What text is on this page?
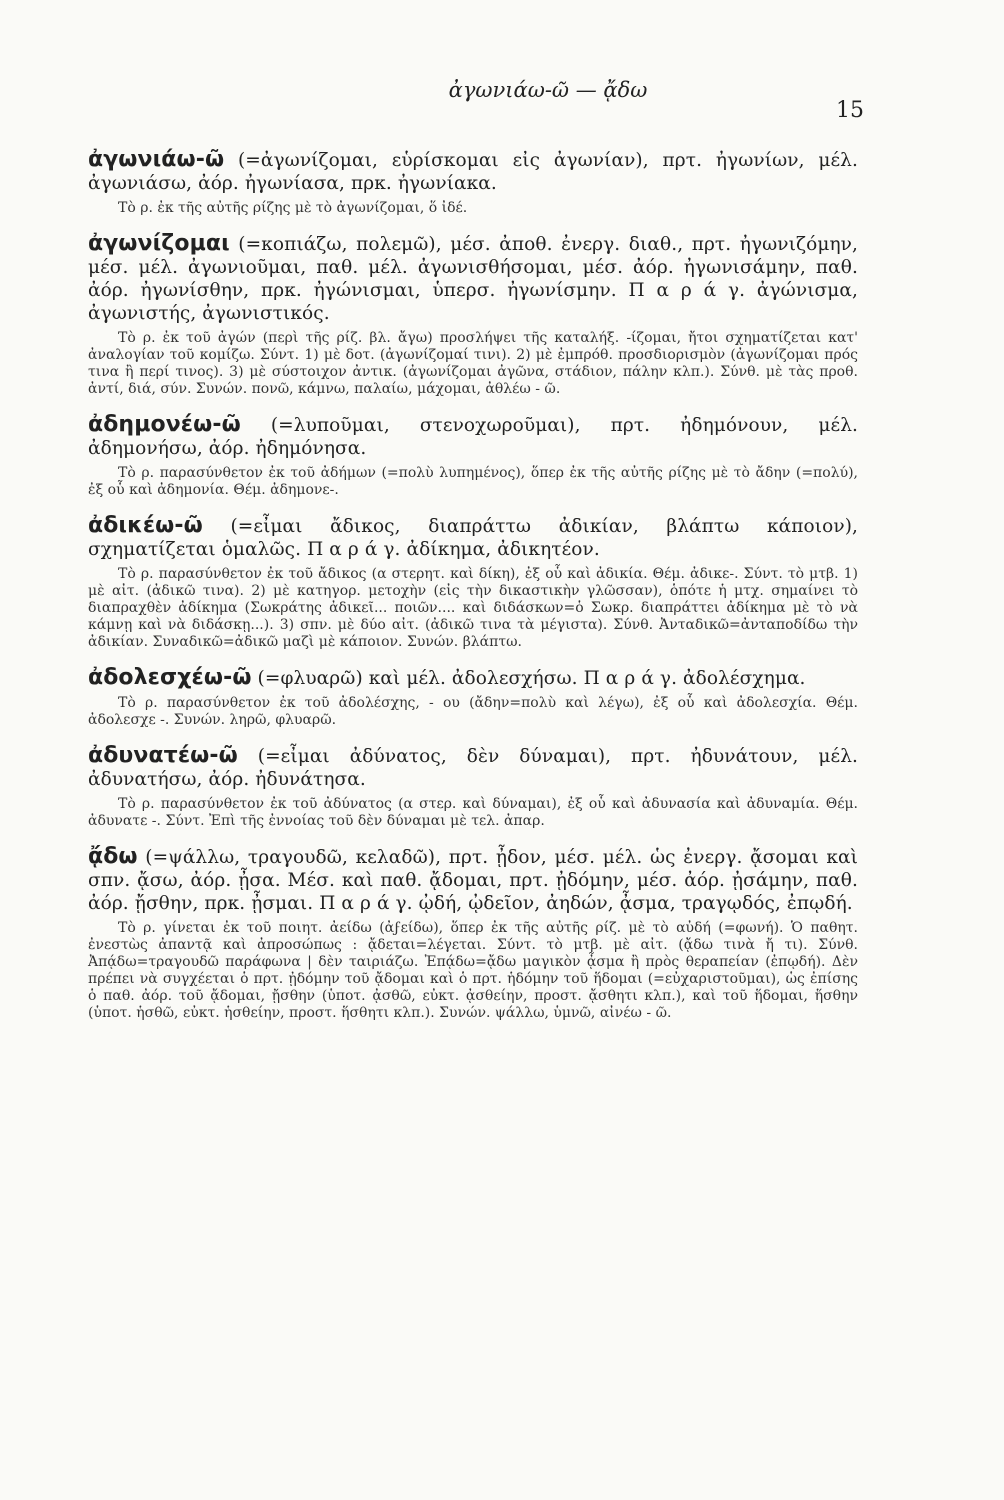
ἀγωνιάω-ῶ — ᾄδω
15

ἀγωνιάω-ῶ (=ἀγωνίζομαι, εὑρίσκομαι εἰς ἀγωνίαν), πρτ. ἠγωνίων, μέλ. ἀγωνιάσω, ἀόρ. ἠγωνίασα, πρκ. ἠγωνίακα.

Τὸ ρ. ἐκ τῆς αὐτῆς ρίζης μὲ τὸ ἀγωνίζομαι, ὅ ἰδέ.

ἀγωνίζομαι (=κοπιάζω, πολεμῶ), μέσ. ἀποθ. ἐνεργ. διαθ., πρτ. ἠγωνιζόμην, μέσ. μέλ. ἀγωνιοῦμαι, παθ. μέλ. ἀγωνισθήσομαι, μέσ. ἀόρ. ἠγωνισάμην, παθ. ἀόρ. ἠγωνίσθην, πρκ. ἠγώνισμαι, ὑπερσ. ἠγωνίσμην. Π α ρ ά γ. ἀγώνισμα, ἀγωνιστής, ἀγωνιστικός.

Τὸ ρ. ἐκ τοῦ ἀγών (περὶ τῆς ρίζ. βλ. ἄγω) προσλήψει τῆς καταλήξ. -ίζομαι, ἤτοι σχηματίζεται κατ' ἀναλογίαν τοῦ κομίζω. Σύντ. 1) μὲ δοτ. (ἀγωνίζομαί τινι). 2) μὲ ἐμπρόθ. προσδιορισμὸν (ἀγωνίζομαι πρός τινα ἢ περί τινος). 3) μὲ σύστοιχον ἀντικ. (ἀγωνίζομαι ἀγῶνα, στάδιον, πάλην κλπ.). Σύνθ. μὲ τὰς προθ. ἀντί, διά, σύν. Συνών. πονῶ, κάμνω, παλαίω, μάχομαι, ἀθλέω - ῶ.

ἀδημονέω-ῶ (=λυποῦμαι, στενοχωροῦμαι), πρτ. ἠδημόνουν, μέλ. ἀδημονήσω, ἀόρ. ἠδημόνησα.

Τὸ ρ. παρασύνθετον ἐκ τοῦ ἀδήμων (=πολὺ λυπημένος), ὅπερ ἐκ τῆς αὐτῆς ρίζης μὲ τὸ ἄδην (=πολύ), ἐξ οὗ καὶ ἀδημονία. Θέμ. ἀδημονε-.

ἀδικέω-ῶ (=εἶμαι ἄδικος, διαπράττω ἀδικίαν, βλάπτω κάποιον), σχηματίζεται ὁμαλῶς. Π α ρ ά γ. ἀδίκημα, ἀδικητέον.

Τὸ ρ. παρασύνθετον ἐκ τοῦ ἄδικος (α στερητ. καὶ δίκη), ἐξ οὗ καὶ ἀδικία. Θέμ. ἀδικε-. Σύντ. τὸ μτβ. 1) μὲ αἰτ. (ἀδικῶ τινα). 2) μὲ κατηγορ. μετοχὴν (εἰς τὴν δικαστικὴν γλῶσσαν), ὁπότε ἡ μτχ. σημαίνει τὸ διαπραχθὲν ἀδίκημα (Σωκράτης ἀδικεῖ... ποιῶν.... καὶ διδάσκων=ὁ Σωκρ. διαπράττει ἀδίκημα μὲ τὸ νὰ κάμνῃ καὶ νὰ διδάσκῃ...). 3) σπν. μὲ δύο αἰτ. (ἀδικῶ τινα τὰ μέγιστα). Σύνθ. Ἀνταδικῶ=ἀνταποδίδω τὴν ἀδικίαν. Συναδικῶ=ἀδικῶ μαζὶ μὲ κάποιον. Συνών. βλάπτω.

ἀδολεσχέω-ῶ (=φλυαρῶ) καὶ μέλ. ἀδολεσχήσω. Π α ρ ά γ. ἀδολέσχημα.

Τὸ ρ. παρασύνθετον ἐκ τοῦ ἀδολέσχης, - ου (ἄδην=πολὺ καὶ λέγω), ἐξ οὗ καὶ ἀδολεσχία. Θέμ. ἀδολεσχε -. Συνών. ληρῶ, φλυαρῶ.

ἀδυνατέω-ῶ (=εἶμαι ἀδύνατος, δὲν δύναμαι), πρτ. ἠδυνάτουν, μέλ. ἀδυνατήσω, ἀόρ. ἠδυνάτησα.

Τὸ ρ. παρασύνθετον ἐκ τοῦ ἀδύνατος (α στερ. καὶ δύναμαι), ἐξ οὗ καὶ ἀδυνασία καὶ ἀδυναμία. Θέμ. ἀδυνατε -. Σύντ. Ἐπὶ τῆς ἐννοίας τοῦ δὲν δύναμαι μὲ τελ. ἀπαρ.

ᾄδω (=ψάλλω, τραγουδῶ, κελαδῶ), πρτ. ᾖδον, μέσ. μέλ. ὡς ἐνεργ. ᾄσομαι καὶ σπν. ᾄσω, ἀόρ. ᾖσα. Μέσ. καὶ παθ. ᾄδομαι, πρτ. ᾐδόμην, μέσ. ἀόρ. ᾐσάμην, παθ. ἀόρ. ᾔσθην, πρκ. ᾖσμαι. Π α ρ ά γ. ᾠδή, ᾠδεῖον, ἀηδών, ᾆσμα, τραγῳδός, ἐπῳδή.

Τὸ ρ. γίνεται ἐκ τοῦ ποιητ. ἀείδω (ἀϝείδω), ὅπερ ἐκ τῆς αὐτῆς ρίζ. μὲ τὸ αὐδή (=φωνή). Ὁ παθητ. ἐνεστὼς ἀπαντᾷ καὶ ἀπροσώπως : ᾄδεται=λέγεται. Σύντ. τὸ μτβ. μὲ αἰτ. (ᾄδω τινὰ ἤ τι). Σύνθ. Ἀπᾴδω=τραγουδῶ παράφωνα | δὲν ταιριάζω. Ἐπᾴδω=ᾄδω μαγικὸν ᾆσμα ἢ πρὸς θεραπείαν (ἐπῳδή). Δὲν πρέπει νὰ συγχέεται ὁ πρτ. ᾐδόμην τοῦ ᾄδομαι καὶ ὁ πρτ. ἡδόμην τοῦ ἥδομαι (=εὐχαριστοῦμαι), ὡς ἐπίσης ὁ παθ. ἀόρ. τοῦ ᾄδομαι, ᾔσθην (ὑποτ. ᾀσθῶ, εὐκτ. ᾀσθείην, προστ. ᾄσθητι κλπ.), καὶ τοῦ ἥδομαι, ἥσθην (ὑποτ. ἡσθῶ, εὐκτ. ἡσθείην, προστ. ἥσθητι κλπ.). Συνών. ψάλλω, ὑμνῶ, αἰνέω - ῶ.
